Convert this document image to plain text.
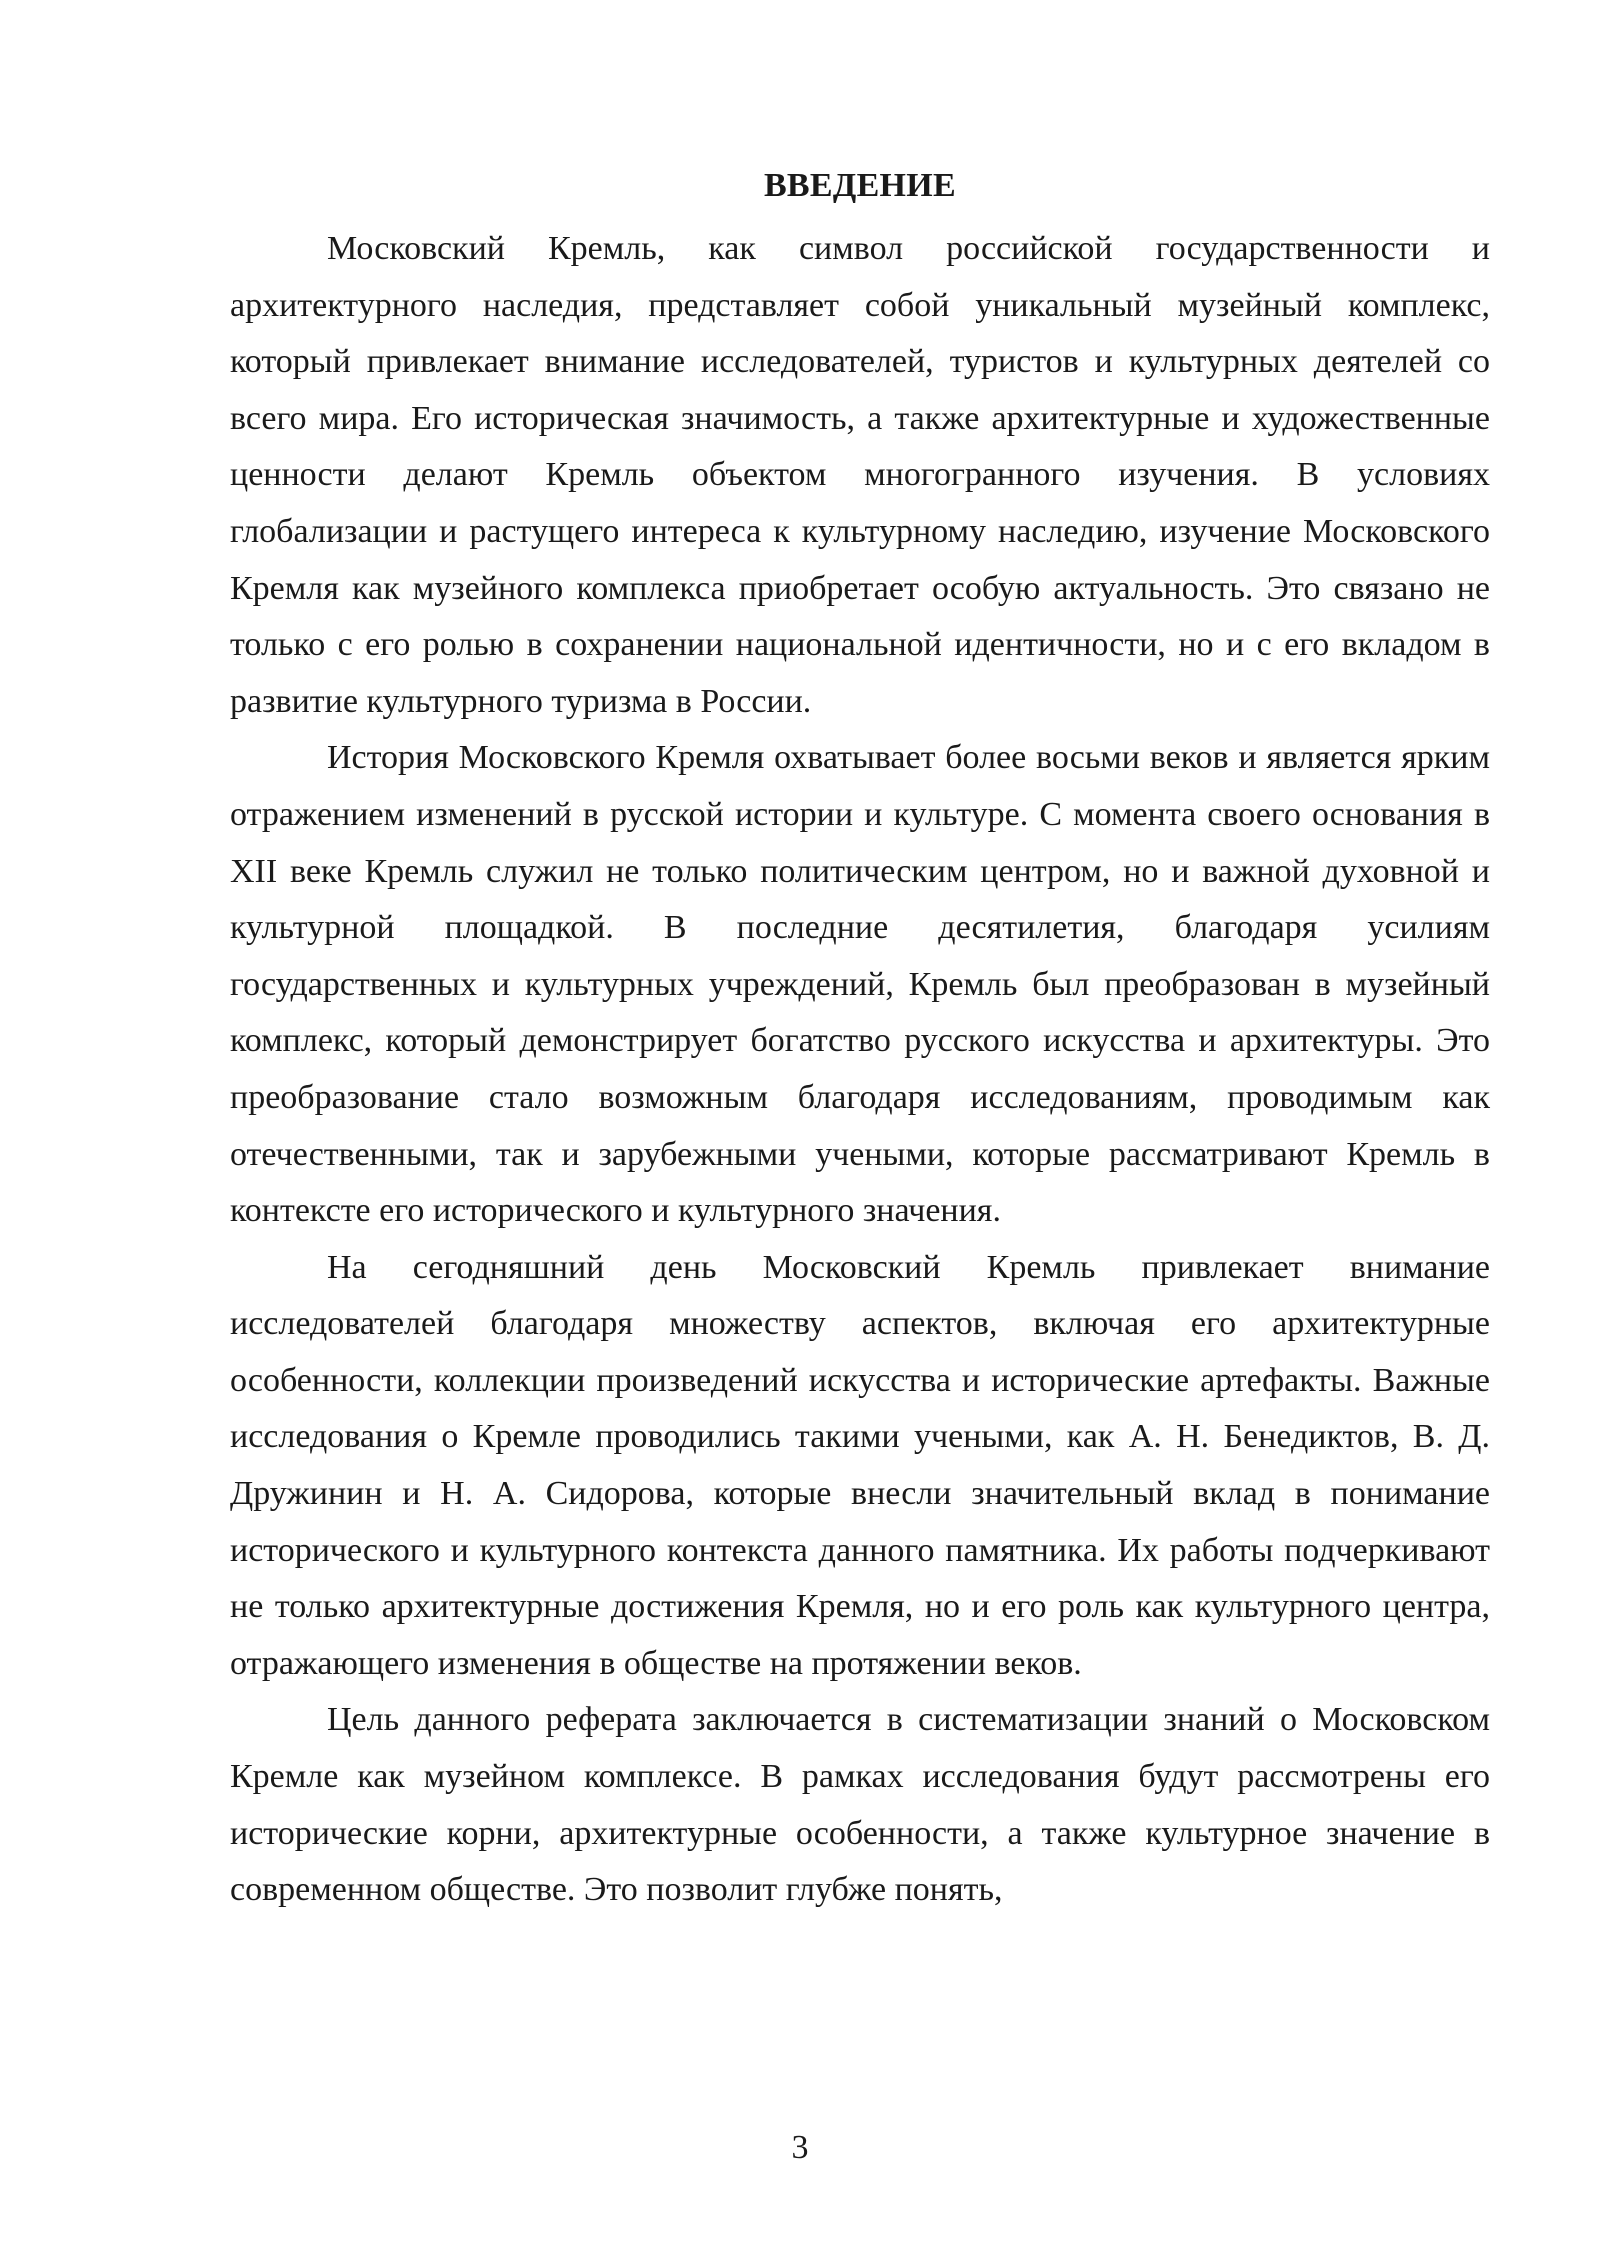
ВВЕДЕНИЕ

Московский Кремль, как символ российской государственности и архитектурного наследия, представляет собой уникальный музейный комплекс, который привлекает внимание исследователей, туристов и культурных деятелей со всего мира. Его историческая значимость, а также архитектурные и художественные ценности делают Кремль объектом многогранного изучения. В условиях глобализации и растущего интереса к культурному наследию, изучение Московского Кремля как музейного комплекса приобретает особую актуальность. Это связано не только с его ролью в сохранении национальной идентичности, но и с его вкладом в развитие культурного туризма в России.

История Московского Кремля охватывает более восьми веков и является ярким отражением изменений в русской истории и культуре. С момента своего основания в XII веке Кремль служил не только политическим центром, но и важной духовной и культурной площадкой. В последние десятилетия, благодаря усилиям государственных и культурных учреждений, Кремль был преобразован в музейный комплекс, который демонстрирует богатство русского искусства и архитектуры. Это преобразование стало возможным благодаря исследованиям, проводимым как отечественными, так и зарубежными учеными, которые рассматривают Кремль в контексте его исторического и культурного значения.

На сегодняшний день Московский Кремль привлекает внимание исследователей благодаря множеству аспектов, включая его архитектурные особенности, коллекции произведений искусства и исторические артефакты. Важные исследования о Кремле проводились такими учеными, как А. Н. Бенедиктов, В. Д. Дружинин и Н. А. Сидорова, которые внесли значительный вклад в понимание исторического и культурного контекста данного памятника. Их работы подчеркивают не только архитектурные достижения Кремля, но и его роль как культурного центра, отражающего изменения в обществе на протяжении веков.

Цель данного реферата заключается в систематизации знаний о Московском Кремле как музейном комплексе. В рамках исследования будут рассмотрены его исторические корни, архитектурные особенности, а также культурное значение в современном обществе. Это позволит глубже понять,

3
